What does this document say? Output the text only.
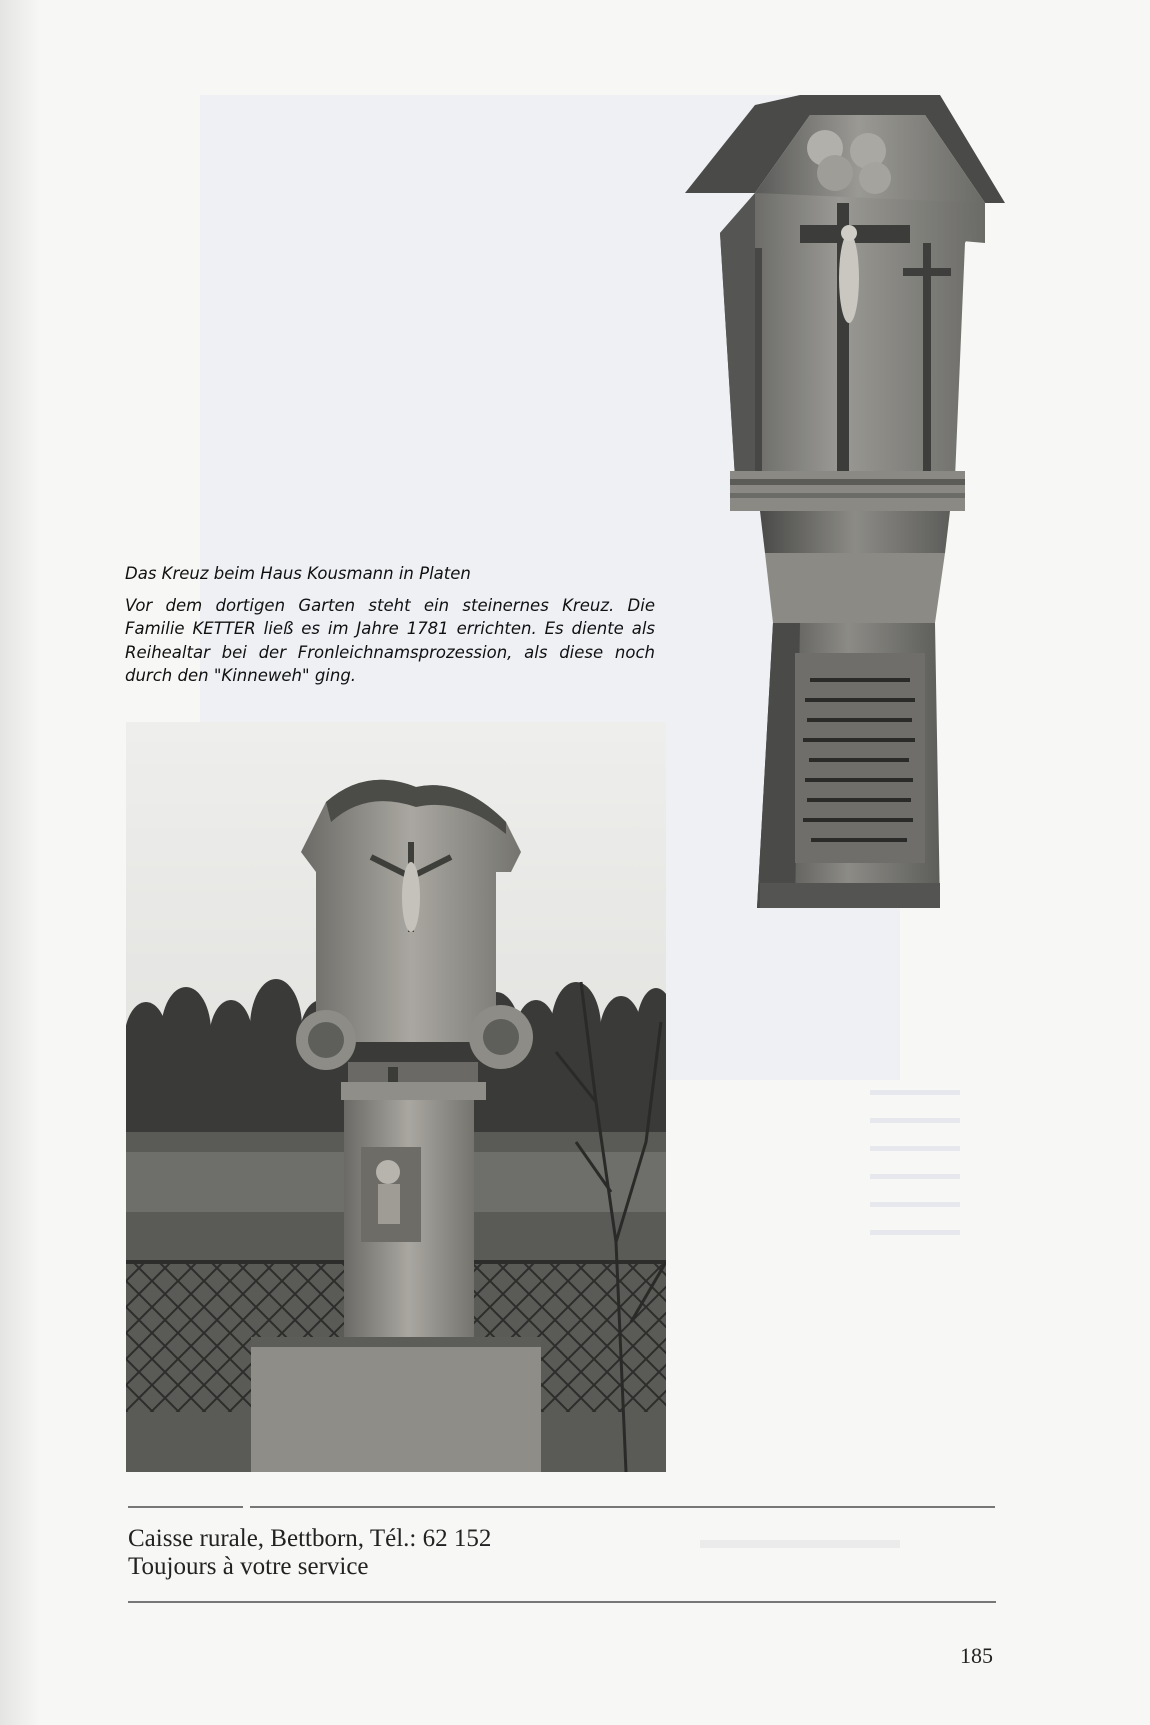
Das Kreuz beim Haus Kousmann in Platen
Vor dem dortigen Garten steht ein steinernes Kreuz. Die Familie KETTER ließ es im Jahre 1781 errichten. Es diente als Reihealtar bei der Fronleichnamsprozession, als diese noch durch den "Kinneweh" ging.
Caisse rurale, Bettborn, Tél.: 62 152
Toujours à votre service
185
